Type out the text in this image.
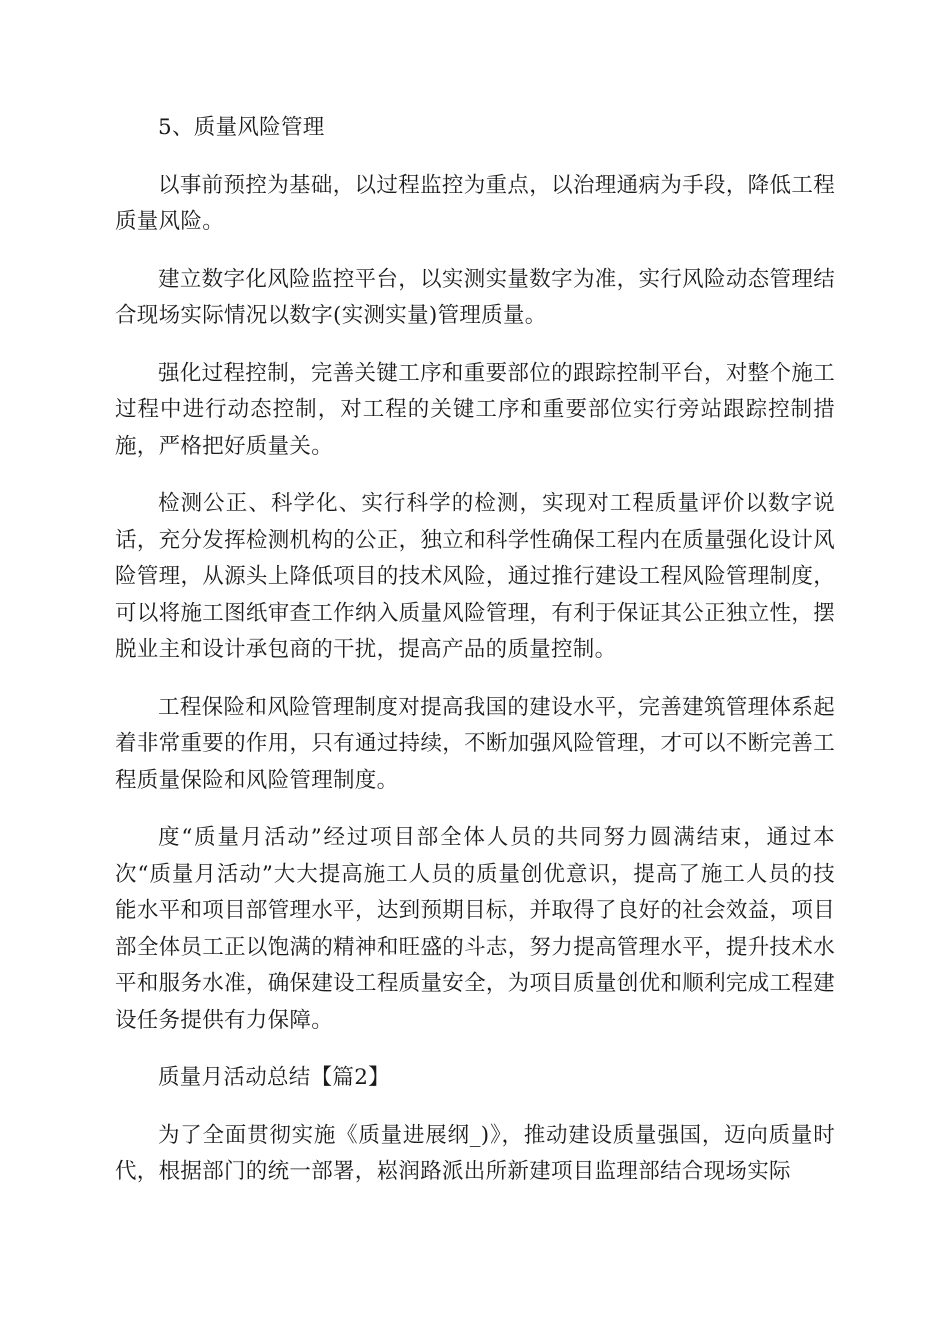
5、质量风险管理

以事前预控为基础，以过程监控为重点，以治理通病为手段，降低工程质量风险。

建立数字化风险监控平台，以实测实量数字为准，实行风险动态管理结合现场实际情况以数字(实测实量)管理质量。

强化过程控制，完善关键工序和重要部位的跟踪控制平台，对整个施工过程中进行动态控制，对工程的关键工序和重要部位实行旁站跟踪控制措施，严格把好质量关。

检测公正、科学化、实行科学的检测，实现对工程质量评价以数字说话，充分发挥检测机构的公正，独立和科学性确保工程内在质量强化设计风险管理，从源头上降低项目的技术风险，通过推行建设工程风险管理制度，可以将施工图纸审查工作纳入质量风险管理，有利于保证其公正独立性，摆脱业主和设计承包商的干扰，提高产品的质量控制。

工程保险和风险管理制度对提高我国的建设水平，完善建筑管理体系起着非常重要的作用，只有通过持续，不断加强风险管理，才可以不断完善工程质量保险和风险管理制度。

度“质量月活动”经过项目部全体人员的共同努力圆满结束，通过本次“质量月活动”大大提高施工人员的质量创优意识，提高了施工人员的技能水平和项目部管理水平，达到预期目标，并取得了良好的社会效益，项目部全体员工正以饱满的精神和旺盛的斗志，努力提高管理水平，提升技术水平和服务水准，确保建设工程质量安全，为项目质量创优和顺利完成工程建设任务提供有力保障。

质量月活动总结【篇2】

为了全面贯彻实施《质量进展纲_)》，推动建设质量强国，迈向质量时代，根据部门的统一部署，崧润路派出所新建项目监理部结合现场实际
